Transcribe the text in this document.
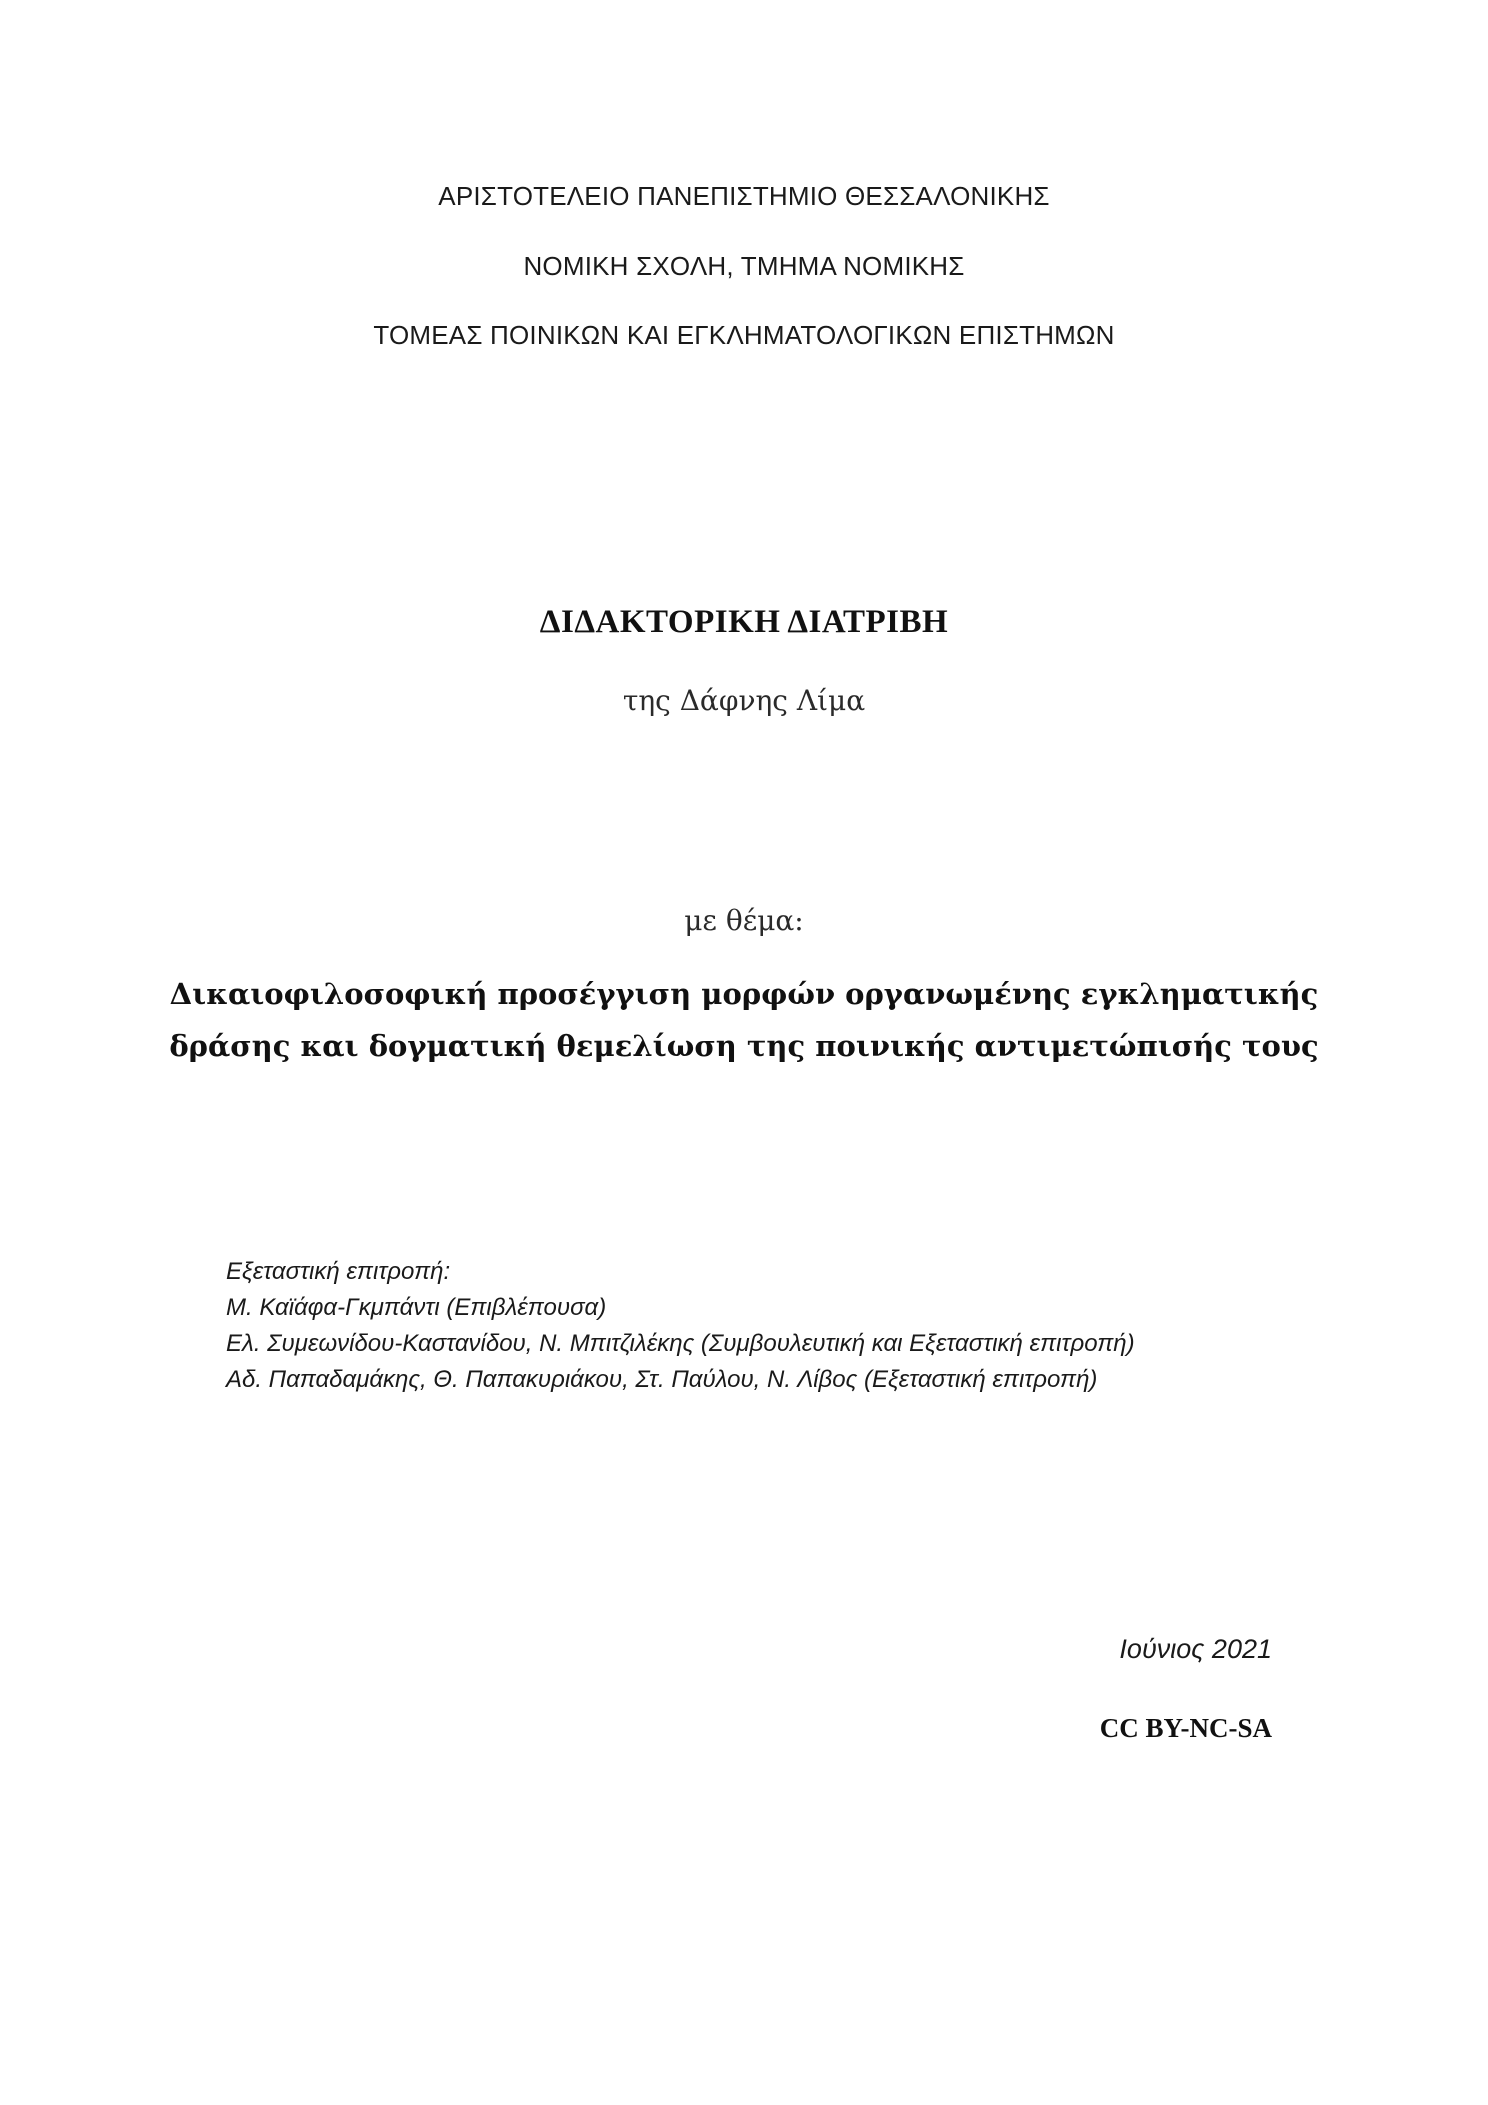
ΑΡΙΣΤΟΤΕΛΕΙΟ ΠΑΝΕΠΙΣΤΗΜΙΟ ΘΕΣΣΑΛΟΝΙΚΗΣ
ΝΟΜΙΚΗ ΣΧΟΛΗ, ΤΜΗΜΑ ΝΟΜΙΚΗΣ
ΤΟΜΕΑΣ ΠΟΙΝΙΚΩΝ ΚΑΙ ΕΓΚΛΗΜΑΤΟΛΟΓΙΚΩΝ ΕΠΙΣΤΗΜΩΝ
ΔΙΔΑΚΤΟΡΙΚΗ ΔΙΑΤΡΙΒΗ
της Δάφνης Λίμα
με θέμα:
Δικαιοφιλοσοφική προσέγγιση μορφών οργανωμένης εγκληματικής
δράσης και δογματική θεμελίωση της ποινικής αντιμετώπισής τους
Εξεταστική επιτροπή:
Μ. Καϊάφα-Γκμπάντι (Επιβλέπουσα)
Ελ. Συμεωνίδου-Καστανίδου, Ν. Μπιτζιλέκης (Συμβουλευτική και Εξεταστική επιτροπή)
Αδ. Παπαδαμάκης, Θ. Παπακυριάκου, Στ. Παύλου, Ν. Λίβος (Εξεταστική επιτροπή)
Ιούνιος 2021
CC BY-NC-SA
